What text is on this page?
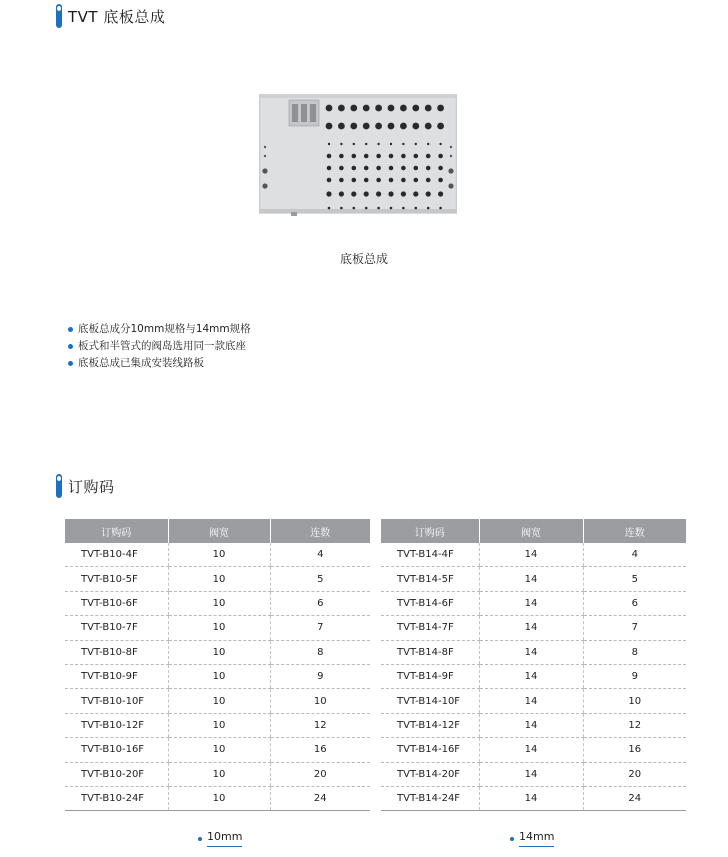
TVT 底板总成
底板总成
底板总成分10mm规格与14mm规格
板式和半管式的阀岛选用同一款底座
底板总成已集成安装线路板
订购码
订购码	阀宽	连数
TVT-B10-4F	10	4
TVT-B10-5F	10	5
TVT-B10-6F	10	6
TVT-B10-7F	10	7
TVT-B10-8F	10	8
TVT-B10-9F	10	9
TVT-B10-10F	10	10
TVT-B10-12F	10	12
TVT-B10-16F	10	16
TVT-B10-20F	10	20
TVT-B10-24F	10	24
订购码	阀宽	连数
TVT-B14-4F	14	4
TVT-B14-5F	14	5
TVT-B14-6F	14	6
TVT-B14-7F	14	7
TVT-B14-8F	14	8
TVT-B14-9F	14	9
TVT-B14-10F	14	10
TVT-B14-12F	14	12
TVT-B14-16F	14	16
TVT-B14-20F	14	20
TVT-B14-24F	14	24
10mm	14mm
